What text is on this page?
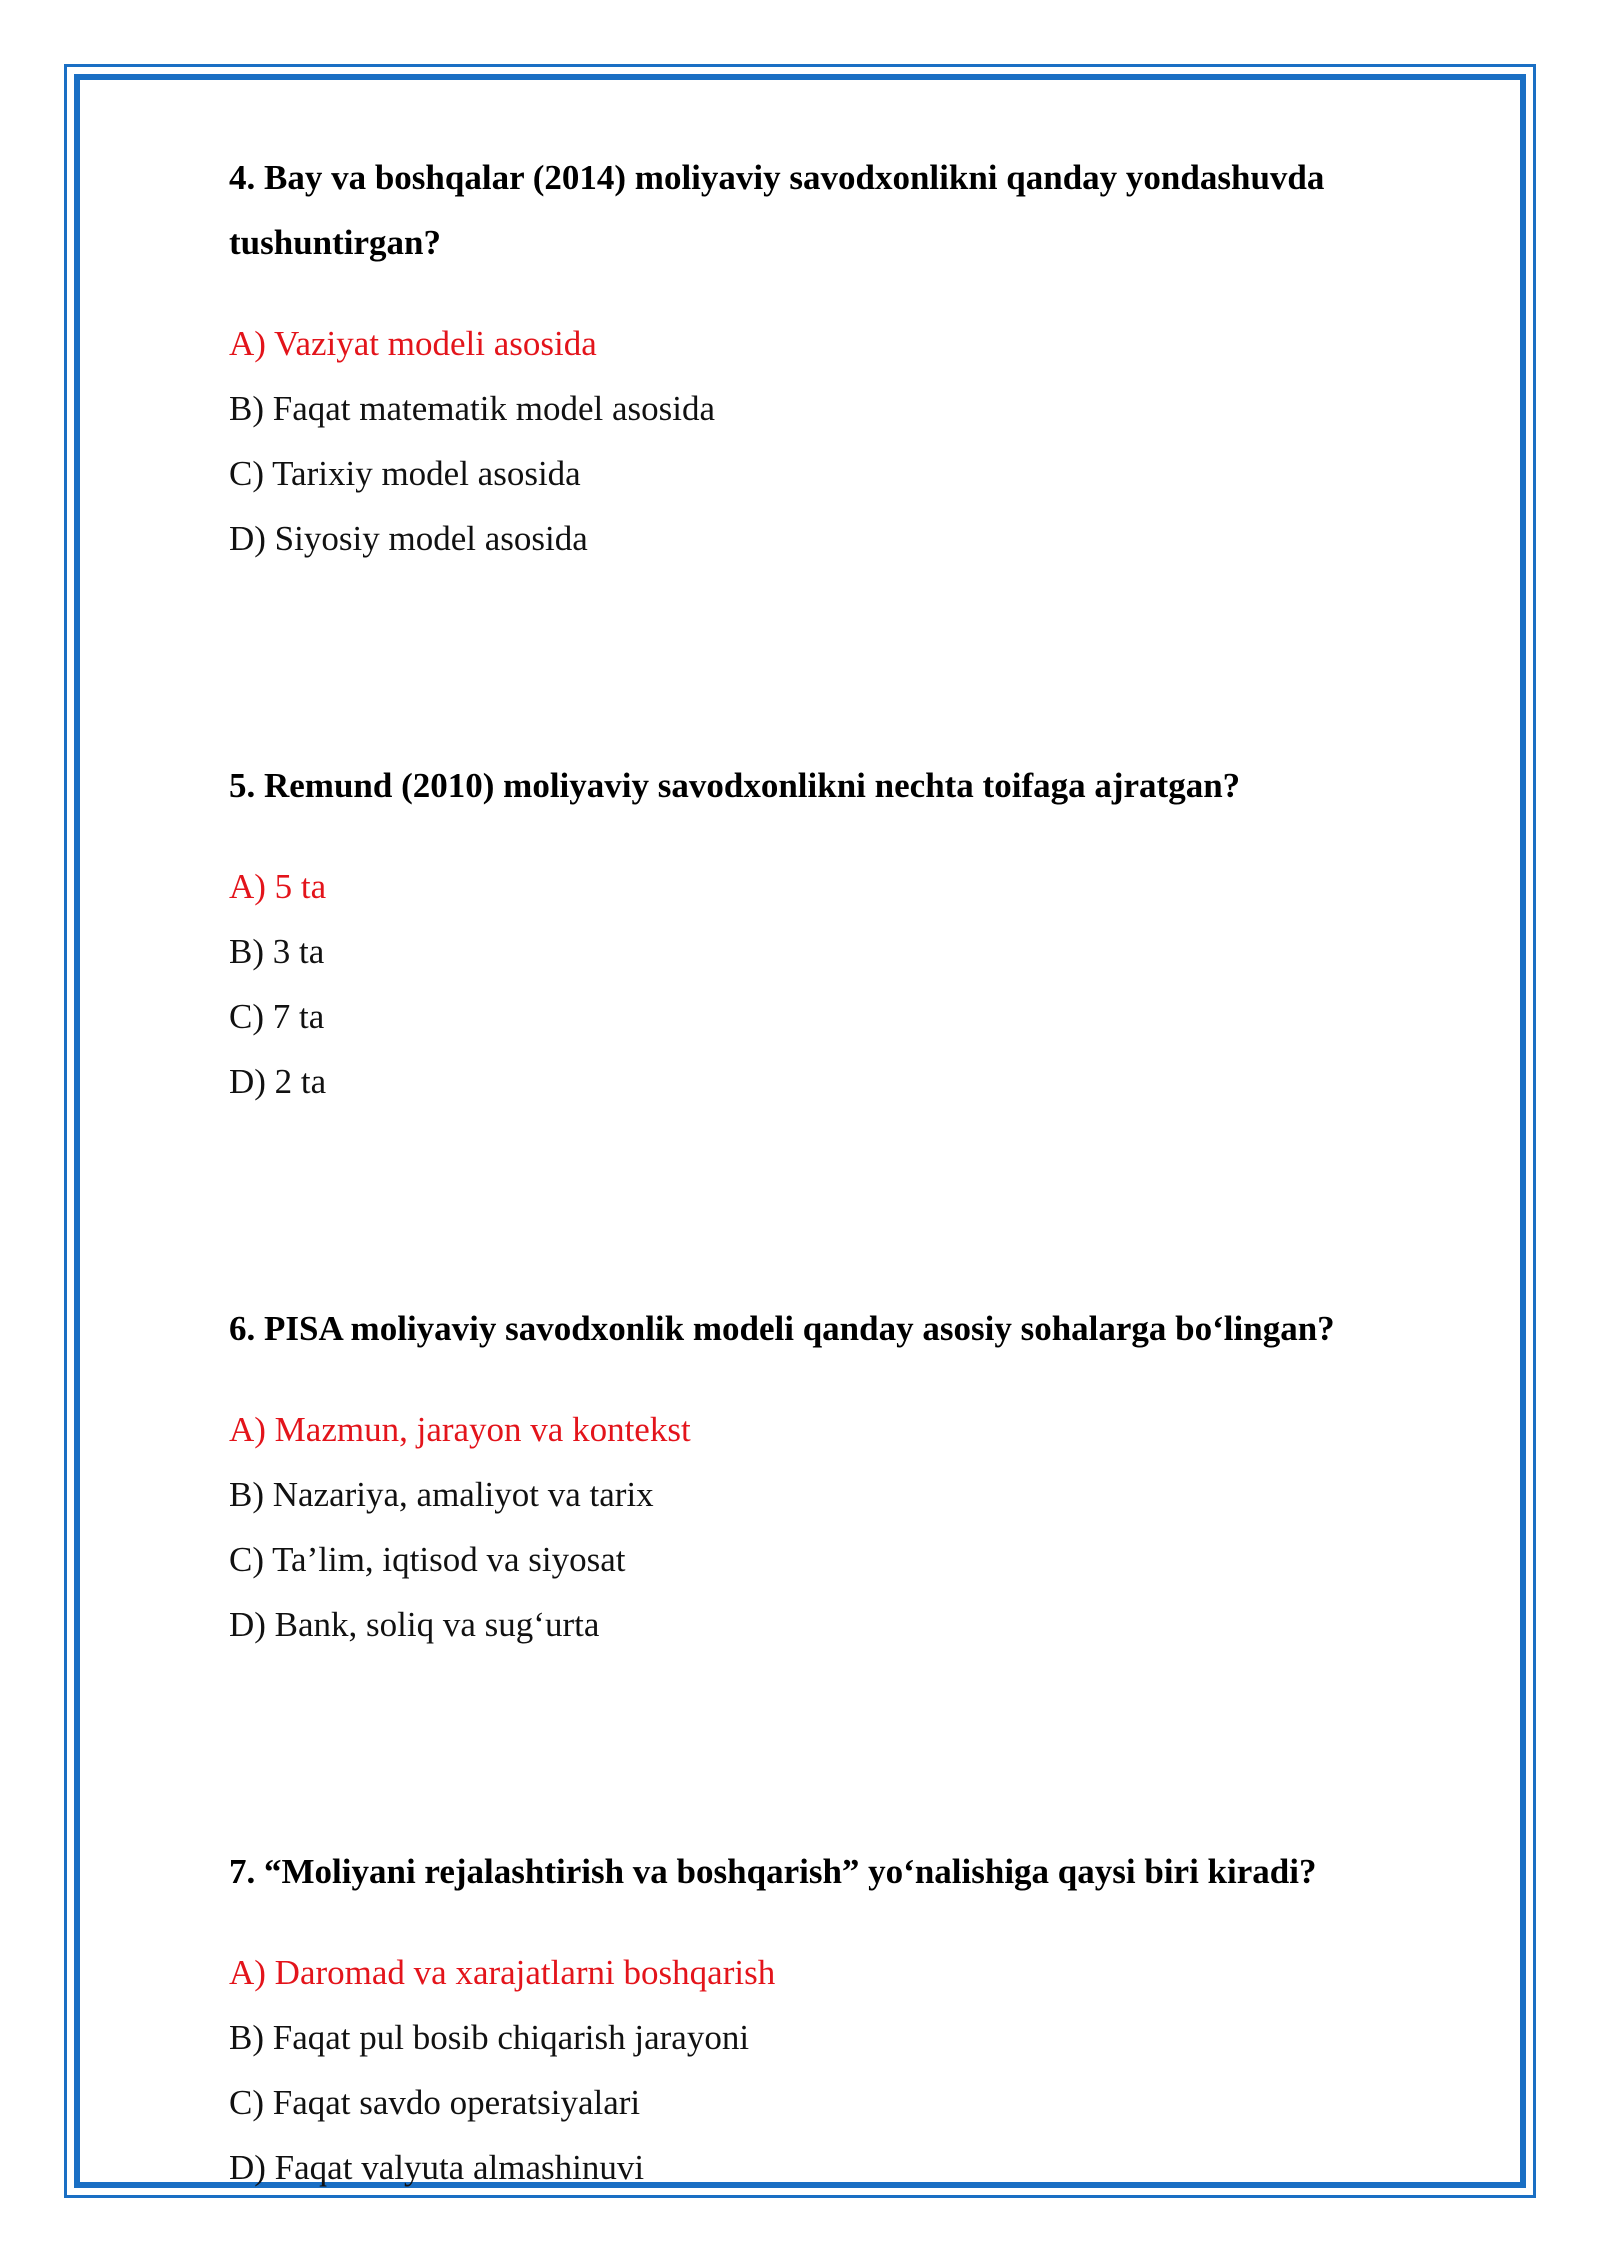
4. Bay va boshqalar (2014) moliyaviy savodxonlikni qanday yondashuvda tushuntirgan?

A) Vaziyat modeli asosida
B) Faqat matematik model asosida
C) Tarixiy model asosida
D) Siyosiy model asosida

5. Remund (2010) moliyaviy savodxonlikni nechta toifaga ajratgan?

A) 5 ta
B) 3 ta
C) 7 ta
D) 2 ta

6. PISA moliyaviy savodxonlik modeli qanday asosiy sohalarga bo‘lingan?

A) Mazmun, jarayon va kontekst
B) Nazariya, amaliyot va tarix
C) Ta’lim, iqtisod va siyosat
D) Bank, soliq va sug‘urta

7. “Moliyani rejalashtirish va boshqarish” yo‘nalishiga qaysi biri kiradi?

A) Daromad va xarajatlarni boshqarish
B) Faqat pul bosib chiqarish jarayoni
C) Faqat savdo operatsiyalari
D) Faqat valyuta almashinuvi
